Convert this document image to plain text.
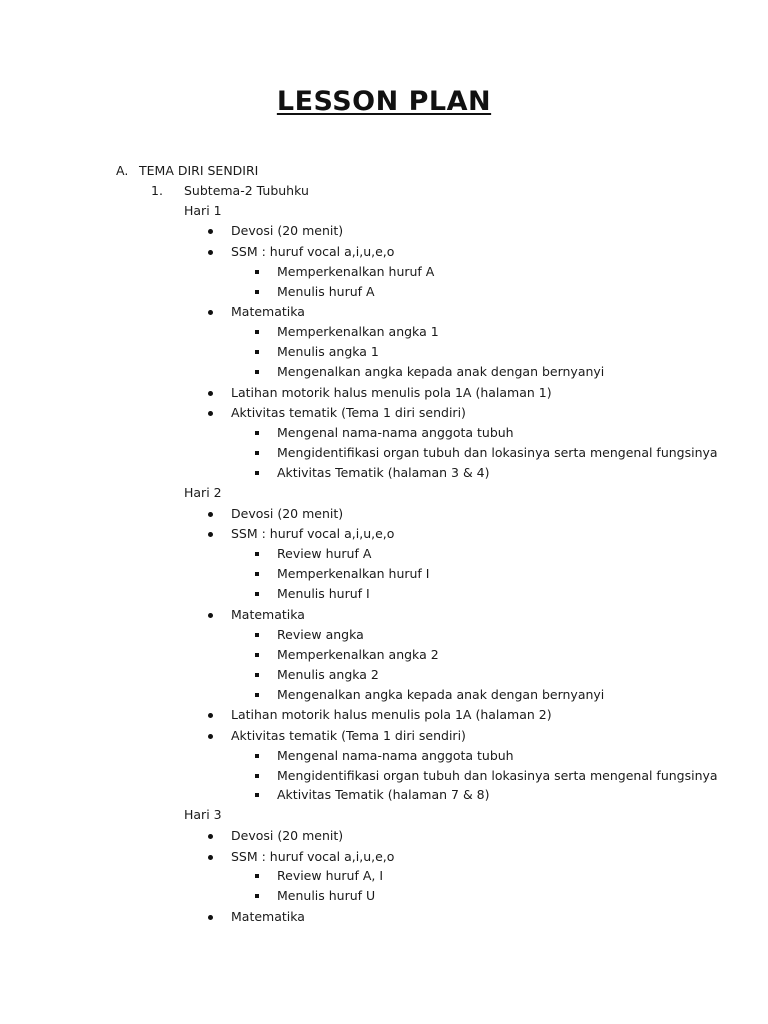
LESSON PLAN
A. TEMA DIRI SENDIRI
1. Subtema-2 Tubuhku
Hari 1
Devosi (20 menit)
SSM : huruf vocal a,i,u,e,o
Memperkenalkan huruf A
Menulis huruf A
Matematika
Memperkenalkan angka 1
Menulis angka 1
Mengenalkan angka kepada anak dengan bernyanyi
Latihan motorik halus menulis pola 1A (halaman 1)
Aktivitas tematik (Tema 1 diri sendiri)
Mengenal nama-nama anggota tubuh
Mengidentifikasi organ tubuh dan lokasinya serta mengenal fungsinya
Aktivitas Tematik (halaman 3 & 4)
Hari 2
Devosi (20 menit)
SSM : huruf vocal a,i,u,e,o
Review huruf A
Memperkenalkan huruf I
Menulis huruf I
Matematika
Review angka
Memperkenalkan angka 2
Menulis angka 2
Mengenalkan angka kepada anak dengan bernyanyi
Latihan motorik halus menulis pola 1A (halaman 2)
Aktivitas tematik (Tema 1 diri sendiri)
Mengenal nama-nama anggota tubuh
Mengidentifikasi organ tubuh dan lokasinya serta mengenal fungsinya
Aktivitas Tematik (halaman 7 & 8)
Hari 3
Devosi (20 menit)
SSM : huruf vocal a,i,u,e,o
Review huruf A, I
Menulis huruf U
Matematika
